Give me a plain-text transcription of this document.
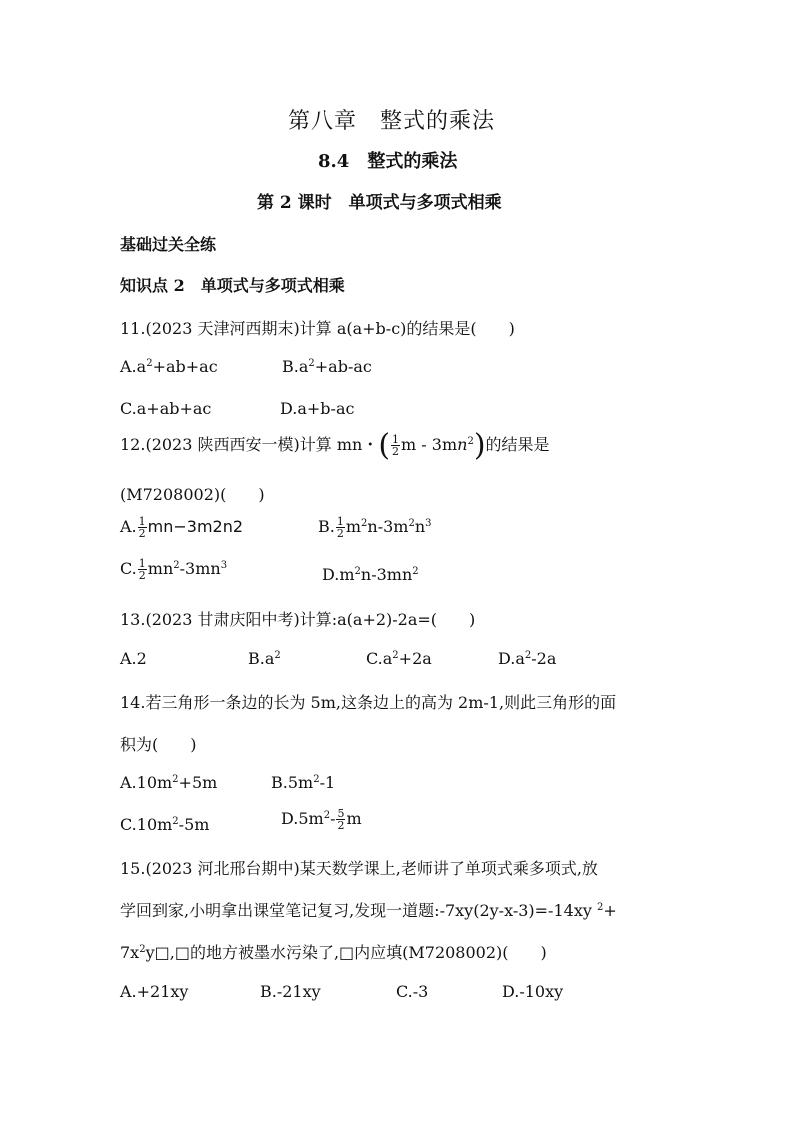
第八章　整式的乘法
8.4　整式的乘法
第 2 课时　单项式与多项式相乘
基础过关全练
知识点 2　单项式与多项式相乘
11.(2023 天津河西期末)计算 a(a+b-c)的结果是(　　)
$A.a^2+ab+ac$	$B.a^2+ab-ac$
C.a+ab+ac	D.a+b-ac
12.(2023 陕西西安一模)计算 mn・( $\frac{1}{2}$ m - $3mn^2$)的结果是
(M7208002)(　　)
A. $\frac{1}{2} mn-3m2n2$	B. $\frac{1}{2} m^2n-3m^2n^3$
C. $\frac{1}{2} mn^2-3mn^3$	$D.m^2n-3mn^2$
13.(2023 甘肃庆阳中考)计算:a(a+2)-2a=(　　)
A.2	$B.a^2$	$C.a^2+2a$	$D.a^2-2a$
14.若三角形一条边的长为 5m,这条边上的高为 2m-1,则此三角形的面
积为(　　)
$A.10m^2+5m$	$B.5m^2-1$
$C.10m^2-5m$	$D.5m^2- \frac{5}{2}$ m
15.(2023 河北邢台期中)某天数学课上,老师讲了单项式乘多项式,放
学回到家,小明拿出课堂笔记复习,发现一道题:-7xy(2y-x-3)=-14xy $^2$+
$7x^2y□,□$的地方被墨水污染了,□内应填(M7208002)(　　)
A.+21xy	B.-21xy	C.-3	D.-10xy
